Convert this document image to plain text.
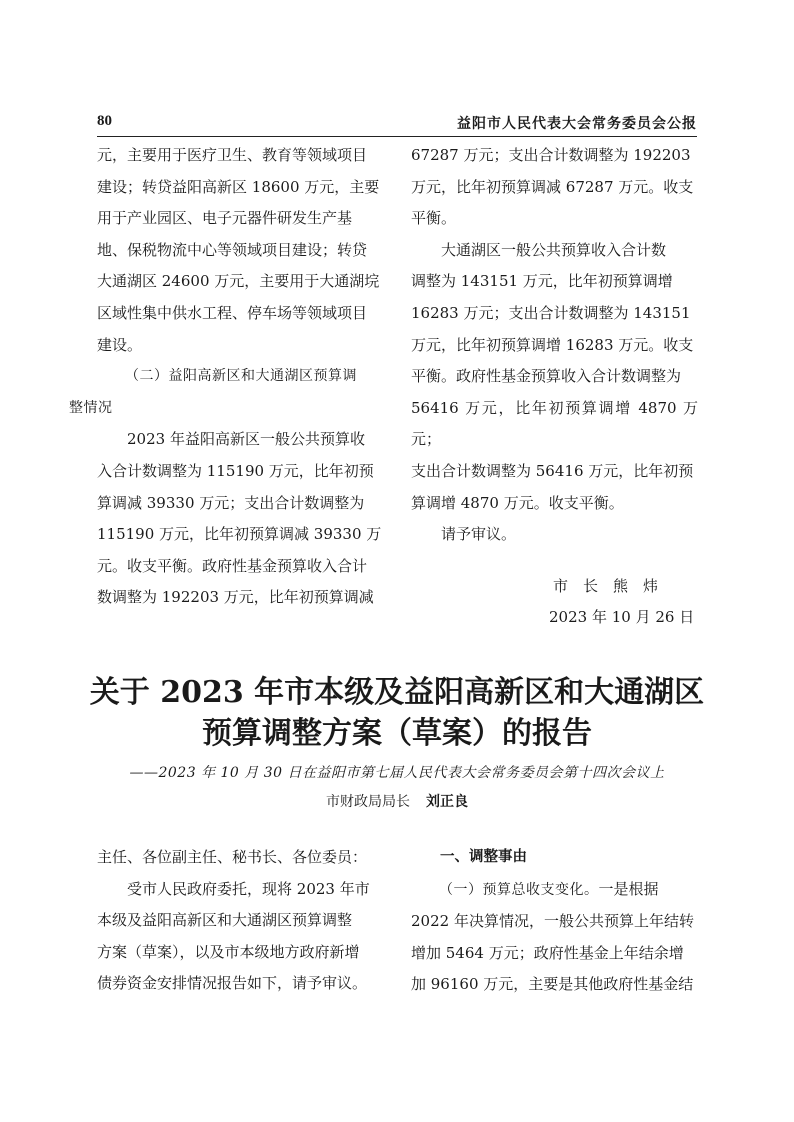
80	益阳市人民代表大会常务委员会公报

元，主要用于医疗卫生、教育等领域项目
建设；转贷益阳高新区 18600 万元，主要
用于产业园区、电子元器件研发生产基
地、保税物流中心等领域项目建设；转贷
大通湖区 24600 万元，主要用于大通湖垸
区域性集中供水工程、停车场等领域项目
建设。

（二）益阳高新区和大通湖区预算调
整情况

2023 年益阳高新区一般公共预算收
入合计数调整为 115190 万元，比年初预
算调减 39330 万元；支出合计数调整为
115190 万元，比年初预算调减 39330 万
元。收支平衡。政府性基金预算收入合计
数调整为 192203 万元，比年初预算调减

67287 万元；支出合计数调整为 192203
万元，比年初预算调减 67287 万元。收支
平衡。

大通湖区一般公共预算收入合计数
调整为 143151 万元，比年初预算调增
16283 万元；支出合计数调整为 143151
万元，比年初预算调增 16283 万元。收支
平衡。政府性基金预算收入合计数调整为
56416 万元，比年初预算调增 4870 万元；
支出合计数调整为 56416 万元，比年初预
算调增 4870 万元。收支平衡。

请予审议。

市　长　熊　炜

2023 年 10 月 26 日

关于 2023 年市本级及益阳高新区和大通湖区
预算调整方案（草案）的报告
——2023 年 10 月 30 日在益阳市第七届人民代表大会常务委员会第十四次会议上
市财政局局长 刘正良

主任、各位副主任、秘书长、各位委员：

受市人民政府委托，现将 2023 年市
本级及益阳高新区和大通湖区预算调整
方案（草案），以及市本级地方政府新增
债券资金安排情况报告如下，请予审议。

一、调整事由

（一）预算总收支变化。一是根据
2022 年决算情况，一般公共预算上年结转
增加 5464 万元；政府性基金上年结余增
加 96160 万元，主要是其他政府性基金结
